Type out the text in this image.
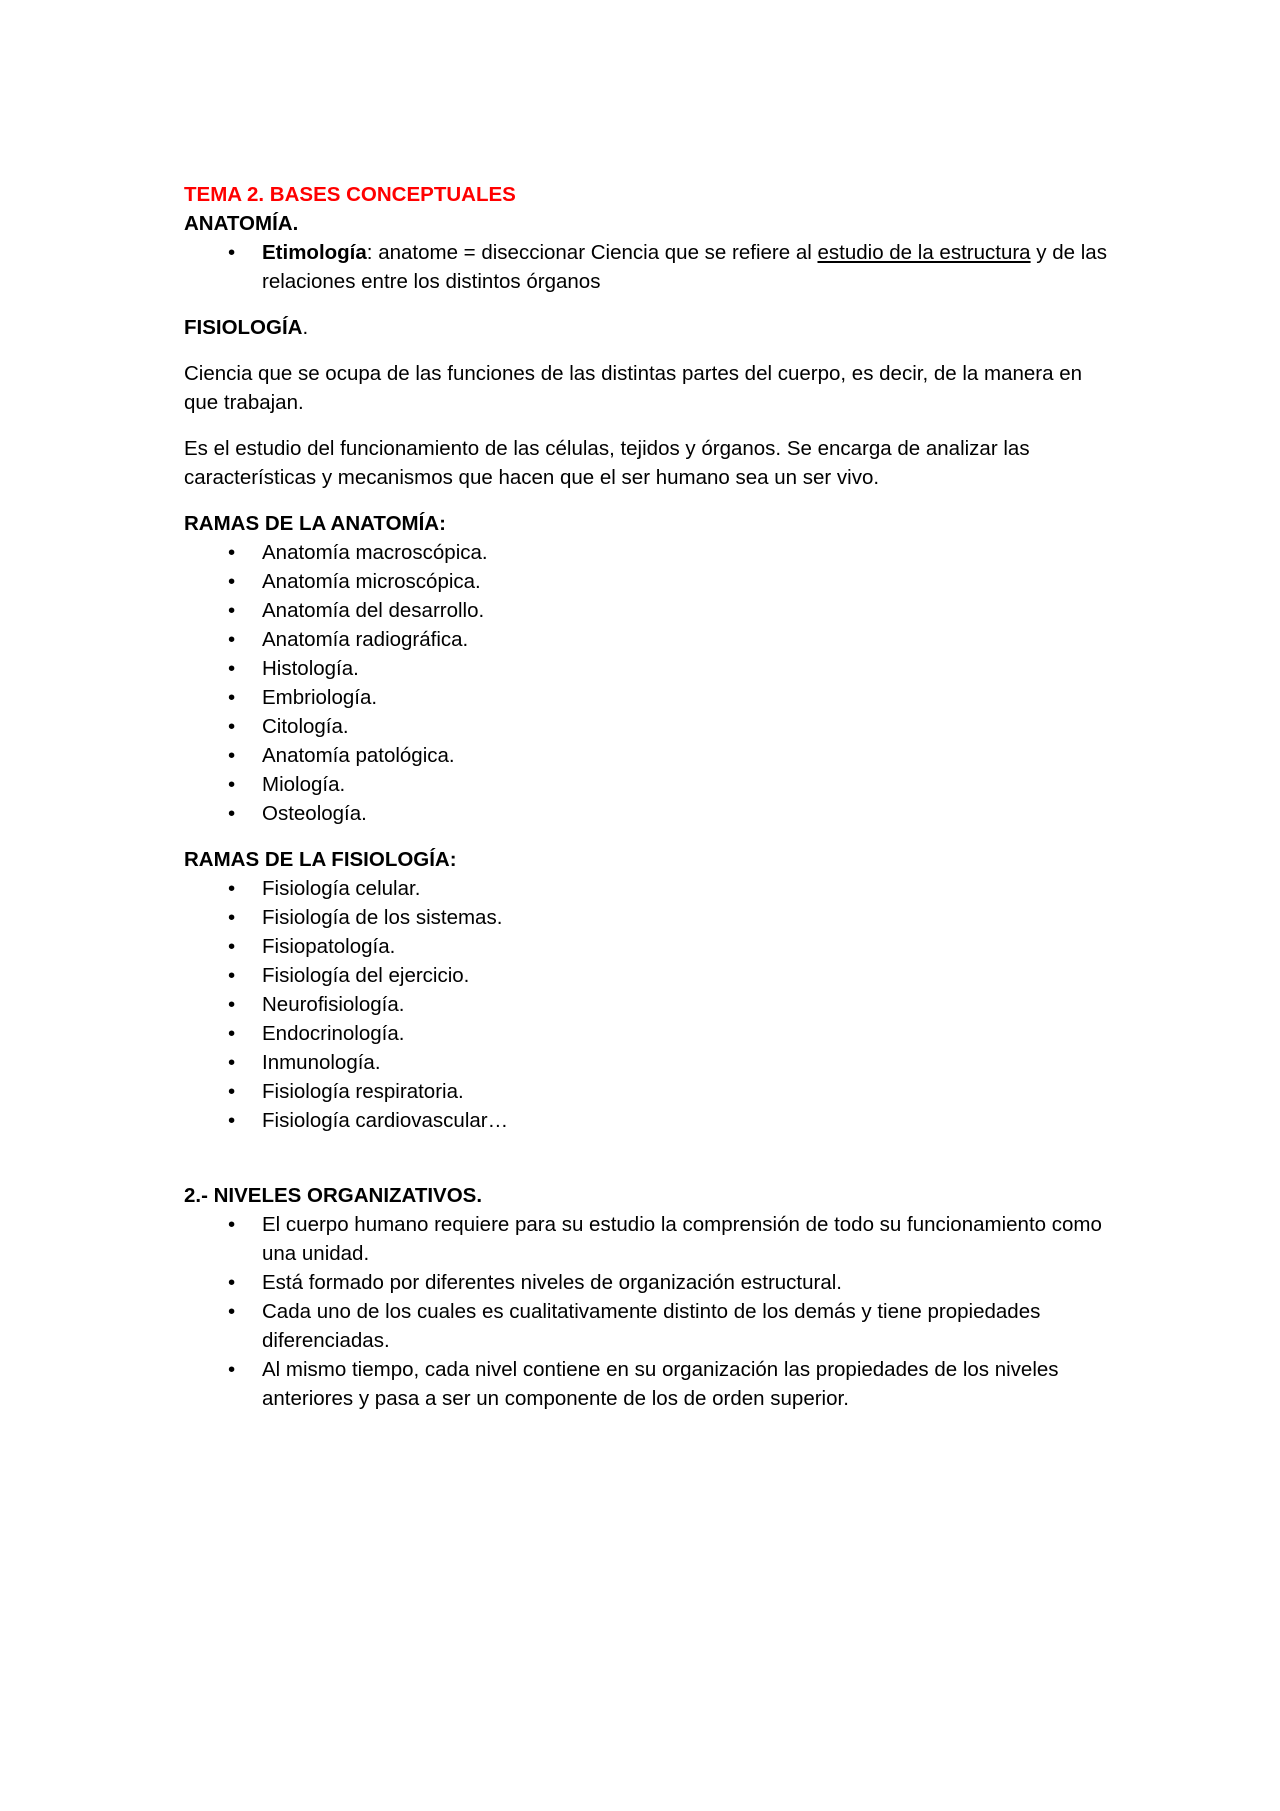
TEMA 2. BASES CONCEPTUALES

ANATOMÍA.

• Etimología: anatome = diseccionar Ciencia que se refiere al estudio de la estructura y de las relaciones entre los distintos órganos

FISIOLOGÍA.

Ciencia que se ocupa de las funciones de las distintas partes del cuerpo, es decir, de la manera en que trabajan.

Es el estudio del funcionamiento de las células, tejidos y órganos. Se encarga de analizar las características y mecanismos que hacen que el ser humano sea un ser vivo.

RAMAS DE LA ANATOMÍA:

• Anatomía macroscópica.
• Anatomía microscópica.
• Anatomía del desarrollo.
• Anatomía radiográfica.
• Histología.
• Embriología.
• Citología.
• Anatomía patológica.
• Miología.
• Osteología.

RAMAS DE LA FISIOLOGÍA:

• Fisiología celular.
• Fisiología de los sistemas.
• Fisiopatología.
• Fisiología del ejercicio.
• Neurofisiología.
• Endocrinología.
• Inmunología.
• Fisiología respiratoria.
• Fisiología cardiovascular…

2.- NIVELES ORGANIZATIVOS.

• El cuerpo humano requiere para su estudio la comprensión de todo su funcionamiento como una unidad.
• Está formado por diferentes niveles de organización estructural.
• Cada uno de los cuales es cualitativamente distinto de los demás y tiene propiedades diferenciadas.
• Al mismo tiempo, cada nivel contiene en su organización las propiedades de los niveles anteriores y pasa a ser un componente de los de orden superior.
